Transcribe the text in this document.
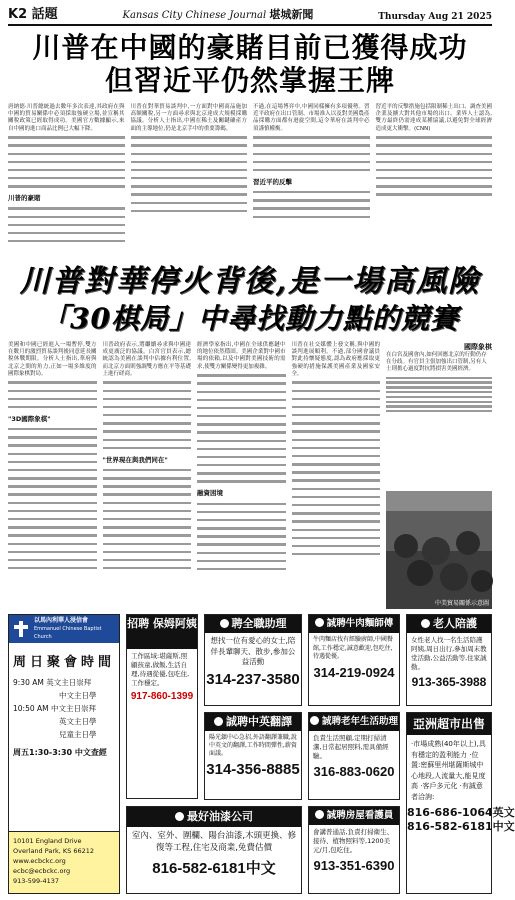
K2 話題	Kansas City Chinese Journal 堪城新聞	Thursday Aug 21 2025
川普在中國的豪賭目前已獲得成功
但習近平仍然掌握王牌
唐納德·川普總統過去數年多次表達,其政府在與中國的貿易關係中必須採取強硬立場,並宣稱其關稅政策已經取得成功。美國官方數據顯示,來自中國的進口商品比例已大幅下降。
川普的豪賭
川普在對華貿易談判中,一方面對中國商品施加高額關稅,另一方面尋求與北京達成大規模採購協議。分析人士指出,中國在稀土及關鍵礦產方面的主導地位,仍是北京手中的重要籌碼。
不過,在這場博弈中,中國同樣擁有多項優勢。習近平政府在出口管制、市場准入以及對美國農產品採購方面都有迴旋空間,這令華府在談判中必須謹慎權衡。
習近平的反擊
習近平的反擊措施包括限制稀土出口、調查美國企業及擴大對其他市場的出口。業界人士認為,雙方最終仍需達成某種協議,以避免對全球經濟造成更大衝擊。(CNN)
川普對華停火背後,是一場高風險
「30棋局」中尋找動力點的競賽
美國和中國已經進入一場暫停,雙方在數月的激烈貿易談判後同意延長關稅休戰期限。分析人士指出,華府與北京之間的角力,正如一場多維度的國際象棋對局。
"3D國際象棋"
川普政府表示,將繼續尋求與中國達成更廣泛的協議。白宮官員表示,總統認為美國在談判中佔據有利位置,而北京方面則強調雙方應在平等基礎上進行磋商。
"世界現在與我們同在"
經濟學家指出,中國在全球供應鏈中的地位依然穩固。美國企業對中國市場的依賴,以及中國對美國技術的需求,使雙方關係變得更加複雜。
融資困境
川普在社交媒體上發文稱,與中國的談判進展順利。不過,部分國會議員對此持懷疑態度,認為政府應採取更強硬的措施保護美國產業及國家安全。
國際象棋
在白宮及國會內,如何回應北京的行動仍存在分歧。有官員主張加強出口管制,另有人士則擔心過度對抗將損害美國經濟。
中美貿易關係示意圖
以馬內利華人浸信會
Emmanuel Chinese Baptist Church
周日聚會時間
9:30 AM 英文主日崇拜
中文主日學
10:50 AM 中文主日崇拜
英文主日學
兒童主日學
周五1:30-3:30 中文查經
10101 England Drive
Overland Park, KS 66212
www.ecbckc.org
ecbc@ecbckc.org
913-599-4137
招聘 保姆阿姨
工作區域:堪薩斯,照顧孩童,做飯,生活自理,待遇從優,包吃住,工作穩定。
917-860-1399
聘全職助理
想找一位有愛心的女士,陪伴長輩聊天、散步,參加公益活動
314-237-3580
誠聘中英翻譯
陽光鎮中心急招,外語翻譯兼職,說中英文的翻譯,工作時間彈性,薪資面議。
314-356-8885
誠聘牛肉麵師傅
牛肉麵店找有經驗廚師,中國餐館,工作穩定,誠意歡迎,包吃住,待遇從優。
314-219-0924
誠聘老年生活助理
負責生活照顧,定期打掃清潔,日常起居照料,需具備經驗。
316-883-0620
老人陪護
女性老人找一名生活陪護阿姨,周日出行,參加周末教堂活動,公益活動等,住家誠勤。
913-365-3988
亞洲超市出售
·市場成熟(40年以上),具有穩定的盈利能力 ·位置:密蘇里州堪薩斯城中心地段,人流量大,能見度高 ·客戶多元化 ·有誠意者洽詢:
816-686-1064英文
816-582-6181中文
最好油漆公司
室內、室外、圍欄、陽台油漆,木頭更換、修復等工程,住宅及商業,免費估價
816-582-6181中文
誠聘房屋看護員
會講普通話,負責打掃衛生、接待、植物照料等,1200美元/月,包吃住。
913-351-6390
